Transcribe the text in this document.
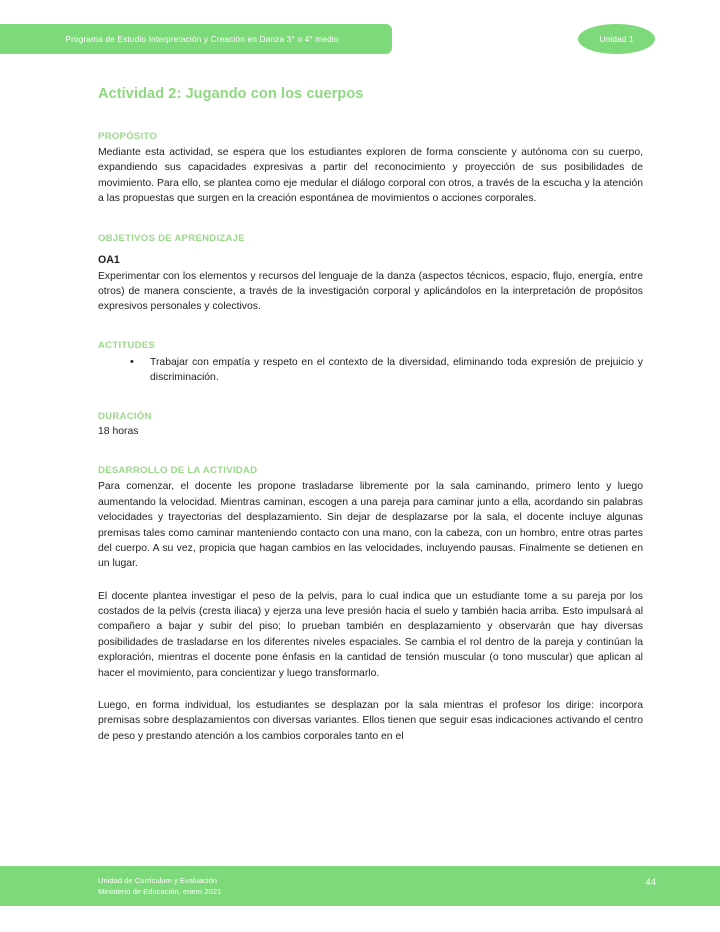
Programa de Estudio Interpretación y Creación en Danza 3° o 4° medio	Unidad 1
Actividad 2: Jugando con los cuerpos
PROPÓSITO

Mediante esta actividad, se espera que los estudiantes exploren de forma consciente y autónoma con su cuerpo, expandiendo sus capacidades expresivas a partir del reconocimiento y proyección de sus posibilidades de movimiento. Para ello, se plantea como eje medular el diálogo corporal con otros, a través de la escucha y la atención a las propuestas que surgen en la creación espontánea de movimientos o acciones corporales.

OBJETIVOS DE APRENDIZAJE
OA1

Experimentar con los elementos y recursos del lenguaje de la danza (aspectos técnicos, espacio, flujo, energía, entre otros) de manera consciente, a través de la investigación corporal y aplicándolos en la interpretación de propósitos expresivos personales y colectivos.

ACTITUDES
• Trabajar con empatía y respeto en el contexto de la diversidad, eliminando toda expresión de prejuicio y discriminación.
DURACIÓN

18 horas

DESARROLLO DE LA ACTIVIDAD

Para comenzar, el docente les propone trasladarse libremente por la sala caminando, primero lento y luego aumentando la velocidad. Mientras caminan, escogen a una pareja para caminar junto a ella, acordando sin palabras velocidades y trayectorias del desplazamiento. Sin dejar de desplazarse por la sala, el docente incluye algunas premisas tales como caminar manteniendo contacto con una mano, con la cabeza, con un hombro, entre otras partes del cuerpo. A su vez, propicia que hagan cambios en las velocidades, incluyendo pausas. Finalmente se detienen en un lugar.

El docente plantea investigar el peso de la pelvis, para lo cual indica que un estudiante tome a su pareja por los costados de la pelvis (cresta iliaca) y ejerza una leve presión hacia el suelo y también hacia arriba. Esto impulsará al compañero a bajar y subir del piso; lo prueban también en desplazamiento y observarán que hay diversas posibilidades de trasladarse en los diferentes niveles espaciales. Se cambia el rol dentro de la pareja y continúan la exploración, mientras el docente pone énfasis en la cantidad de tensión muscular (o tono muscular) que aplican al hacer el movimiento, para concientizar y luego transformarlo.

Luego, en forma individual, los estudiantes se desplazan por la sala mientras el profesor los dirige: incorpora premisas sobre desplazamientos con diversas variantes. Ellos tienen que seguir esas indicaciones activando el centro de peso y prestando atención a los cambios corporales tanto en el

Unidad de Currículum y Evaluación
Ministerio de Educación, enero 2021
44
